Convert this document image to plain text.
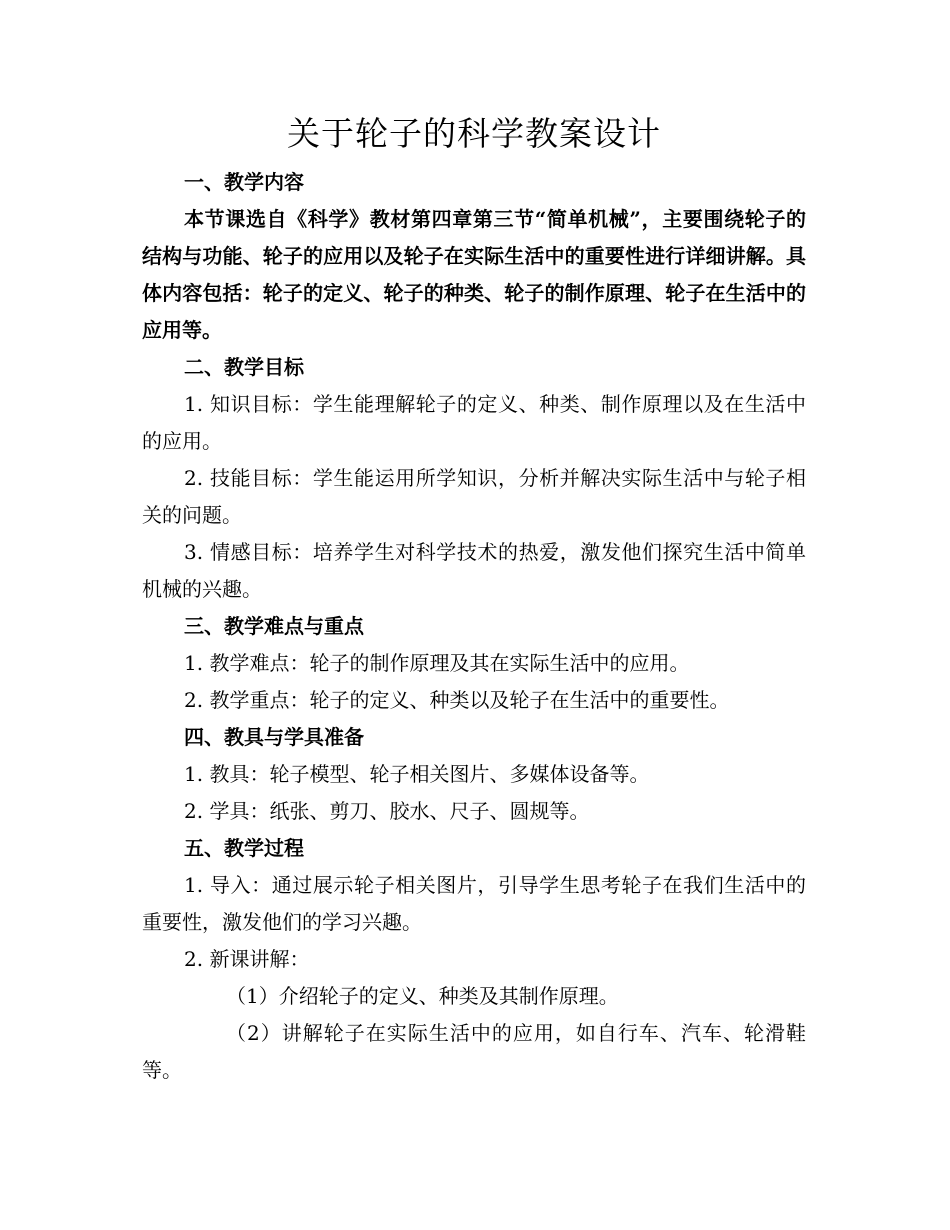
关于轮子的科学教案设计

一、教学内容

本节课选自《科学》教材第四章第三节“简单机械”，主要围绕轮子的结构与功能、轮子的应用以及轮子在实际生活中的重要性进行详细讲解。具体内容包括：轮子的定义、轮子的种类、轮子的制作原理、轮子在生活中的应用等。

二、教学目标

1. 知识目标：学生能理解轮子的定义、种类、制作原理以及在生活中的应用。

2. 技能目标：学生能运用所学知识，分析并解决实际生活中与轮子相关的问题。

3. 情感目标：培养学生对科学技术的热爱，激发他们探究生活中简单机械的兴趣。

三、教学难点与重点

1. 教学难点：轮子的制作原理及其在实际生活中的应用。

2. 教学重点：轮子的定义、种类以及轮子在生活中的重要性。

四、教具与学具准备

1. 教具：轮子模型、轮子相关图片、多媒体设备等。

2. 学具：纸张、剪刀、胶水、尺子、圆规等。

五、教学过程

1. 导入：通过展示轮子相关图片，引导学生思考轮子在我们生活中的重要性，激发他们的学习兴趣。

2. 新课讲解：

（1）介绍轮子的定义、种类及其制作原理。

（2）讲解轮子在实际生活中的应用，如自行车、汽车、轮滑鞋等。
